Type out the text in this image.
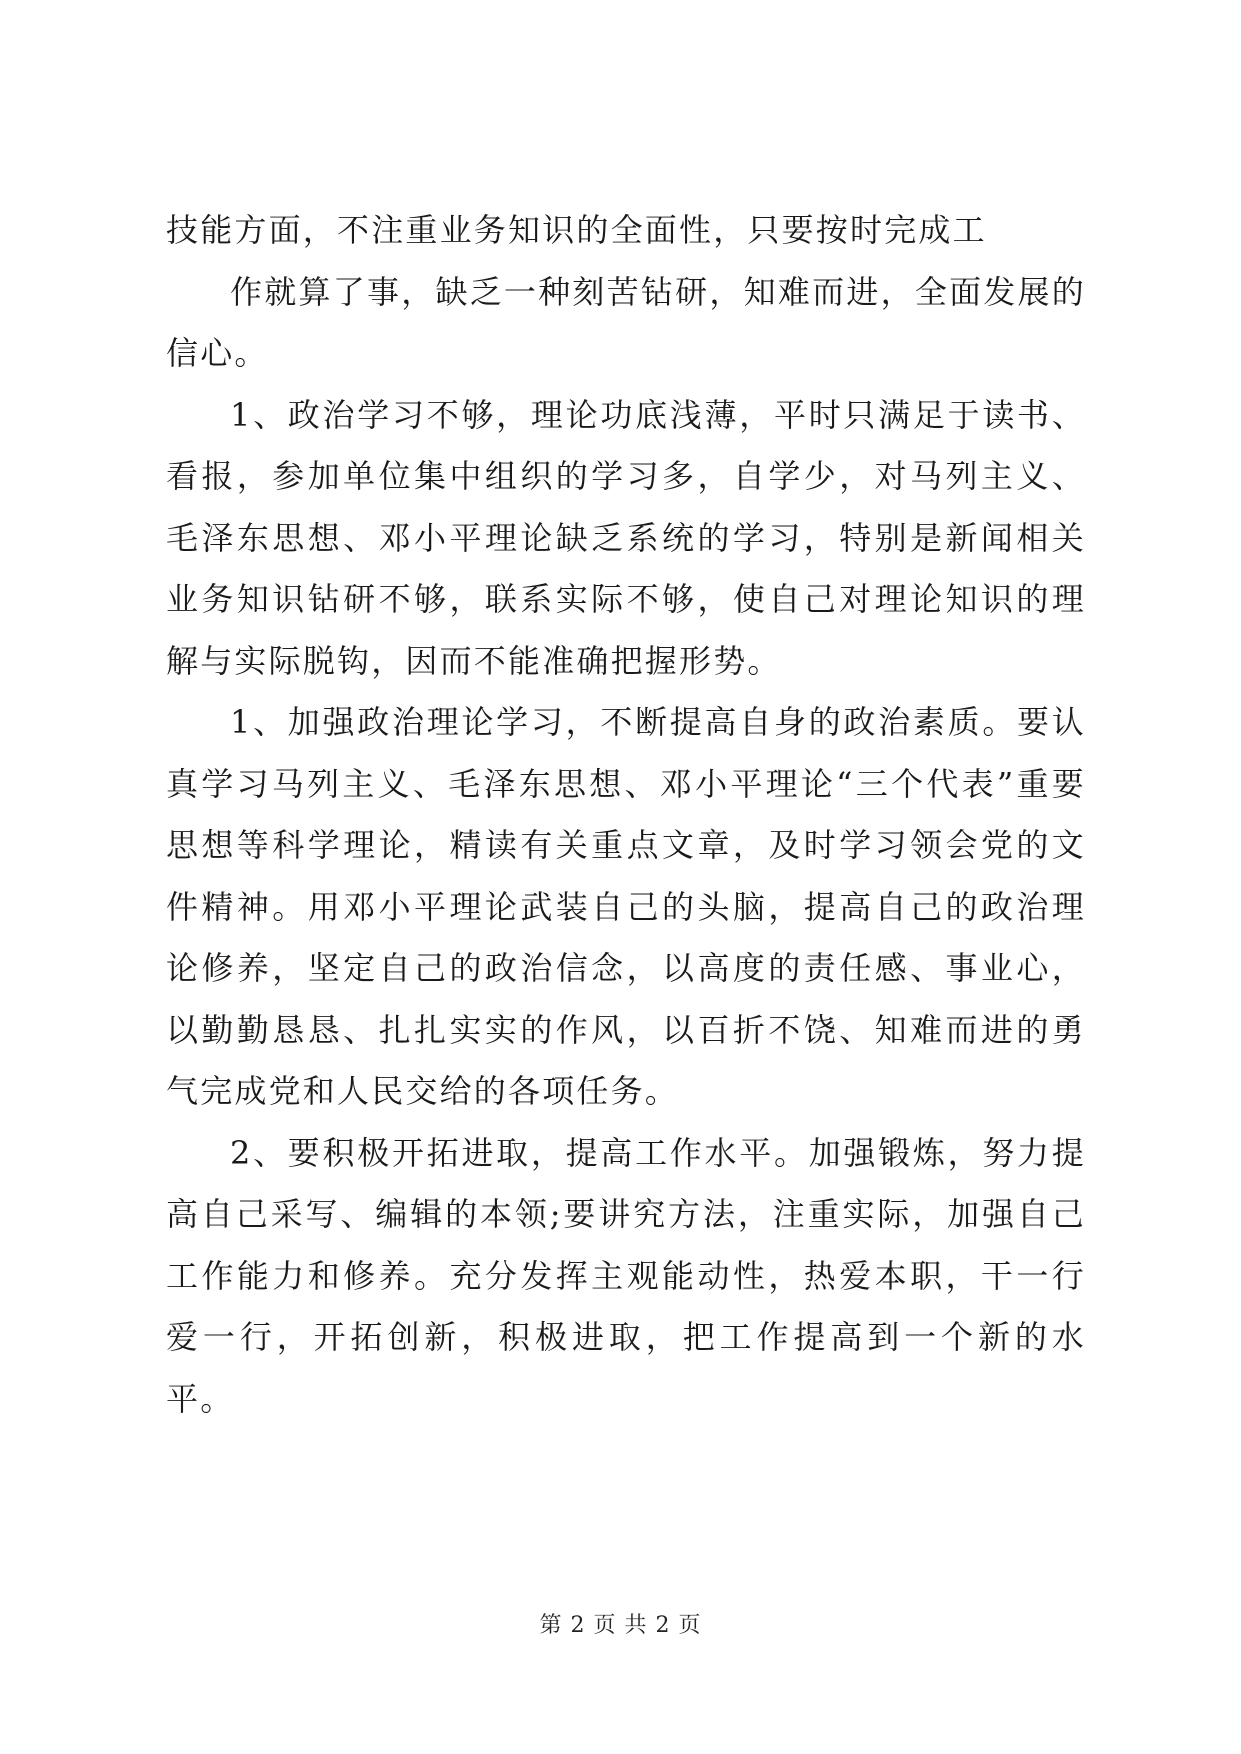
技能方面，不注重业务知识的全面性，只要按时完成工

作就算了事，缺乏一种刻苦钻研，知难而进，全面发展的信心。

1、政治学习不够，理论功底浅薄，平时只满足于读书、看报，参加单位集中组织的学习多，自学少，对马列主义、毛泽东思想、邓小平理论缺乏系统的学习，特别是新闻相关业务知识钻研不够，联系实际不够，使自己对理论知识的理解与实际脱钩，因而不能准确把握形势。

1、加强政治理论学习，不断提高自身的政治素质。要认真学习马列主义、毛泽东思想、邓小平理论“三个代表”重要思想等科学理论，精读有关重点文章，及时学习领会党的文件精神。用邓小平理论武装自己的头脑，提高自己的政治理论修养，坚定自己的政治信念，以高度的责任感、事业心，以勤勤恳恳、扎扎实实的作风，以百折不饶、知难而进的勇气完成党和人民交给的各项任务。

2、要积极开拓进取，提高工作水平。加强锻炼，努力提高自己采写、编辑的本领;要讲究方法，注重实际，加强自己工作能力和修养。充分发挥主观能动性，热爱本职，干一行爱一行，开拓创新，积极进取，把工作提高到一个新的水平。

第 2 页 共 2 页
